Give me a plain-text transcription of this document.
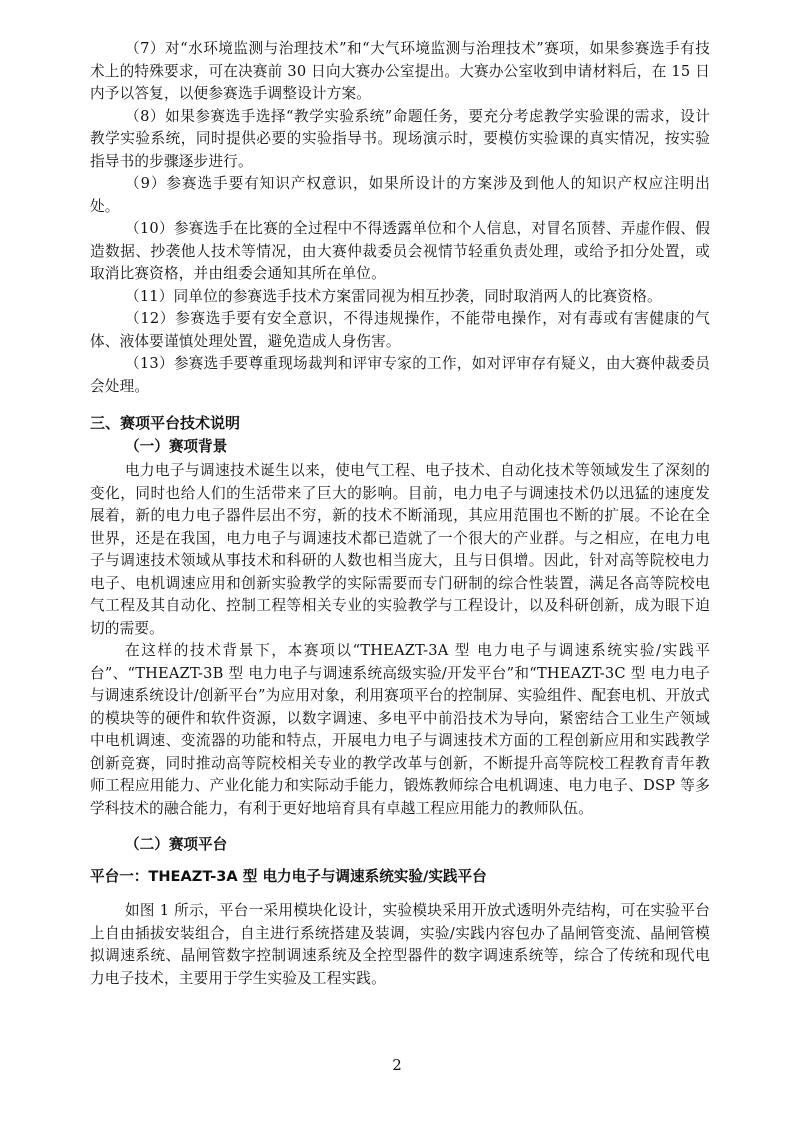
（7）对“水环境监测与治理技术”和“大气环境监测与治理技术”赛项，如果参赛选手有技术上的特殊要求，可在决赛前 30 日向大赛办公室提出。大赛办公室收到申请材料后，在 15 日内予以答复，以便参赛选手调整设计方案。

（8）如果参赛选手选择“教学实验系统”命题任务，要充分考虑教学实验课的需求，设计教学实验系统，同时提供必要的实验指导书。现场演示时，要模仿实验课的真实情况，按实验指导书的步骤逐步进行。

（9）参赛选手要有知识产权意识，如果所设计的方案涉及到他人的知识产权应注明出处。

（10）参赛选手在比赛的全过程中不得透露单位和个人信息，对冒名顶替、弄虚作假、假造数据、抄袭他人技术等情况，由大赛仲裁委员会视情节轻重负责处理，或给予扣分处置，或取消比赛资格，并由组委会通知其所在单位。

（11）同单位的参赛选手技术方案雷同视为相互抄袭，同时取消两人的比赛资格。

（12）参赛选手要有安全意识，不得违规操作，不能带电操作，对有毒或有害健康的气体、液体要谨慎处理处置，避免造成人身伤害。

（13）参赛选手要尊重现场裁判和评审专家的工作，如对评审存有疑义，由大赛仲裁委员会处理。

三、赛项平台技术说明
（一）赛项背景

电力电子与调速技术诞生以来，使电气工程、电子技术、自动化技术等领域发生了深刻的变化，同时也给人们的生活带来了巨大的影响。目前，电力电子与调速技术仍以迅猛的速度发展着，新的电力电子器件层出不穷，新的技术不断涌现，其应用范围也不断的扩展。不论在全世界，还是在我国，电力电子与调速技术都已造就了一个很大的产业群。与之相应，在电力电子与调速技术领域从事技术和科研的人数也相当庞大，且与日俱增。因此，针对高等院校电力电子、电机调速应用和创新实验教学的实际需要而专门研制的综合性装置，满足各高等院校电气工程及其自动化、控制工程等相关专业的实验教学与工程设计，以及科研创新，成为眼下迫切的需要。

在这样的技术背景下，本赛项以“THEAZT-3A 型 电力电子与调速系统实验/实践平台”、“THEAZT-3B 型 电力电子与调速系统高级实验/开发平台”和“THEAZT-3C 型 电力电子与调速系统设计/创新平台”为应用对象，利用赛项平台的控制屏、实验组件、配套电机、开放式的模块等的硬件和软件资源，以数字调速、多电平中前沿技术为导向，紧密结合工业生产领域中电机调速、变流器的功能和特点，开展电力电子与调速技术方面的工程创新应用和实践教学创新竞赛，同时推动高等院校相关专业的教学改革与创新，不断提升高等院校工程教育青年教师工程应用能力、产业化能力和实际动手能力，锻炼教师综合电机调速、电力电子、DSP 等多学科技术的融合能力，有利于更好地培育具有卓越工程应用能力的教师队伍。

（二）赛项平台
平台一：THEAZT-3A 型 电力电子与调速系统实验/实践平台

如图 1 所示，平台一采用模块化设计，实验模块采用开放式透明外壳结构，可在实验平台上自由插拔安装组合，自主进行系统搭建及装调，实验/实践内容包办了晶闸管变流、晶闸管模拟调速系统、晶闸管数字控制调速系统及全控型器件的数字调速系统等，综合了传统和现代电力电子技术，主要用于学生实验及工程实践。

2
